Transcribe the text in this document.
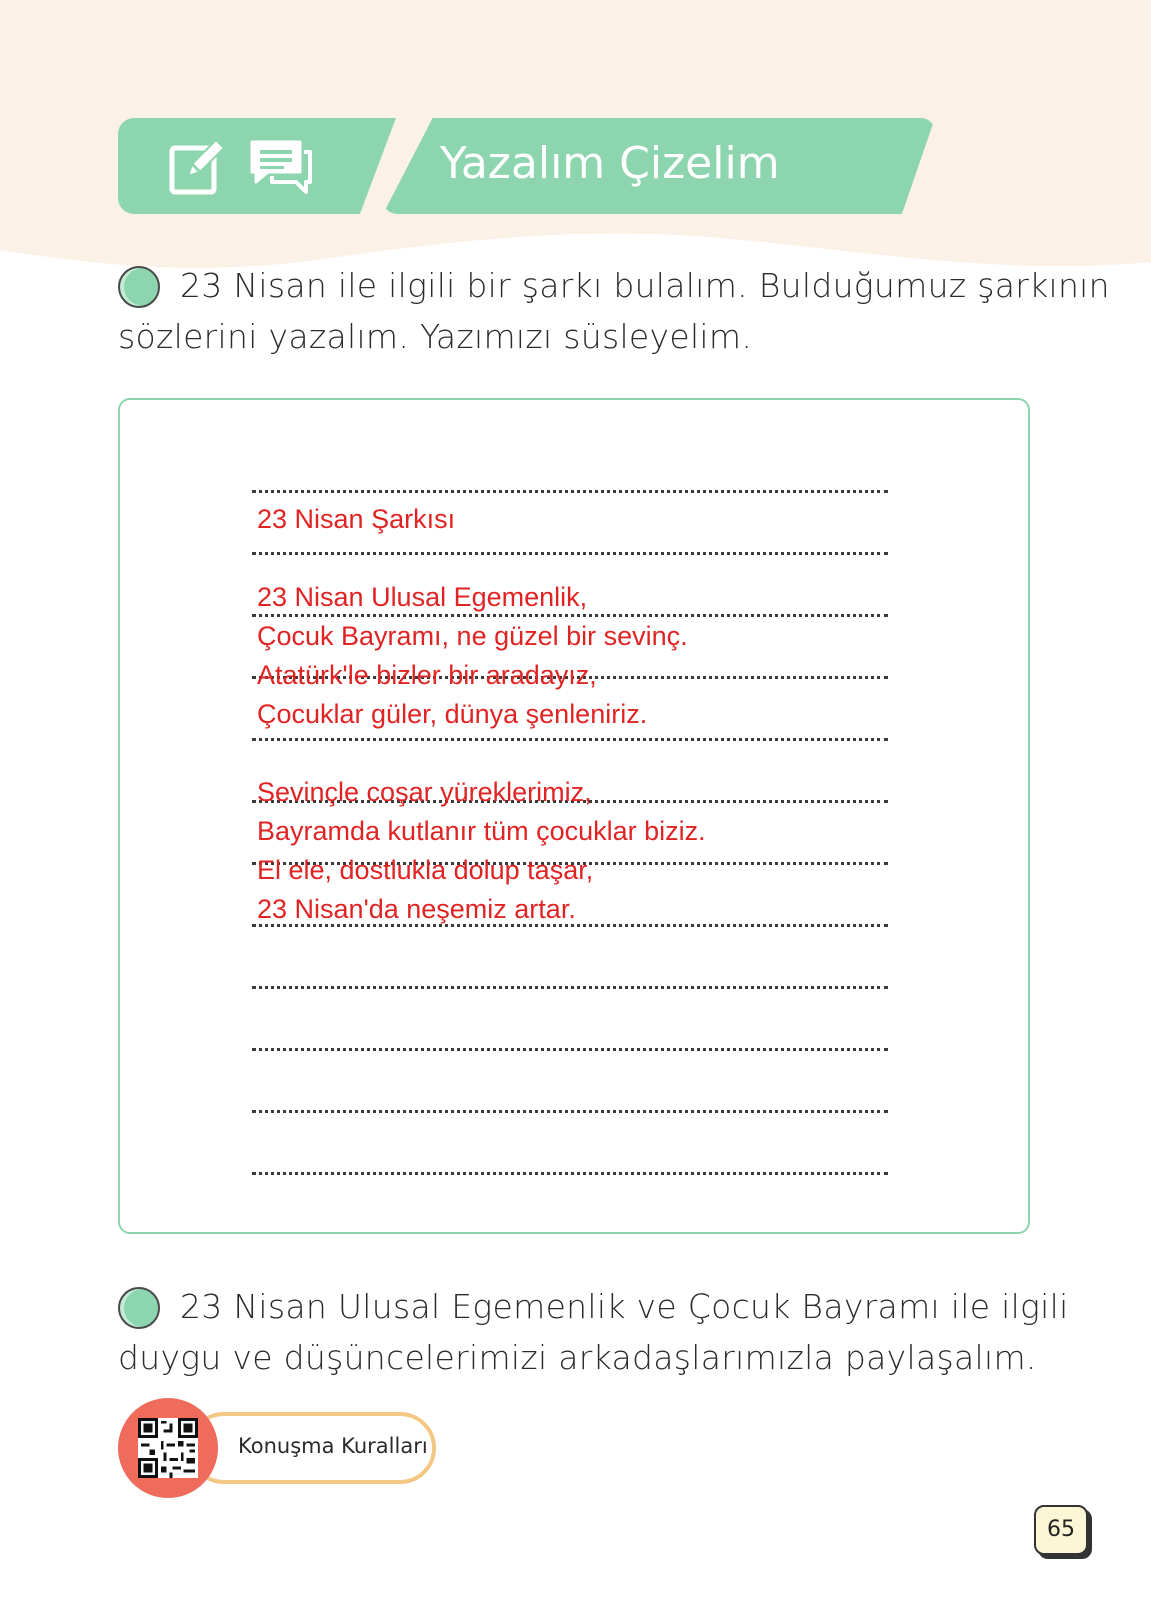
Yazalım Çizelim
23 Nisan ile ilgili bir şarkı bulalım. Bulduğumuz şarkının
sözlerini yazalım. Yazımızı süsleyelim.
23 Nisan Şarkısı
23 Nisan Ulusal Egemenlik,
Çocuk Bayramı, ne güzel bir sevinç.
Atatürk'le bizler bir aradayız,
Çocuklar güler, dünya şenleniriz.
Sevinçle coşar yüreklerimiz,
Bayramda kutlanır tüm çocuklar biziz.
El ele, dostlukla dolup taşar,
23 Nisan'da neşemiz artar.
23 Nisan Ulusal Egemenlik ve Çocuk Bayramı ile ilgili
duygu ve düşüncelerimizi arkadaşlarımızla paylaşalım.
Konuşma Kuralları
65
